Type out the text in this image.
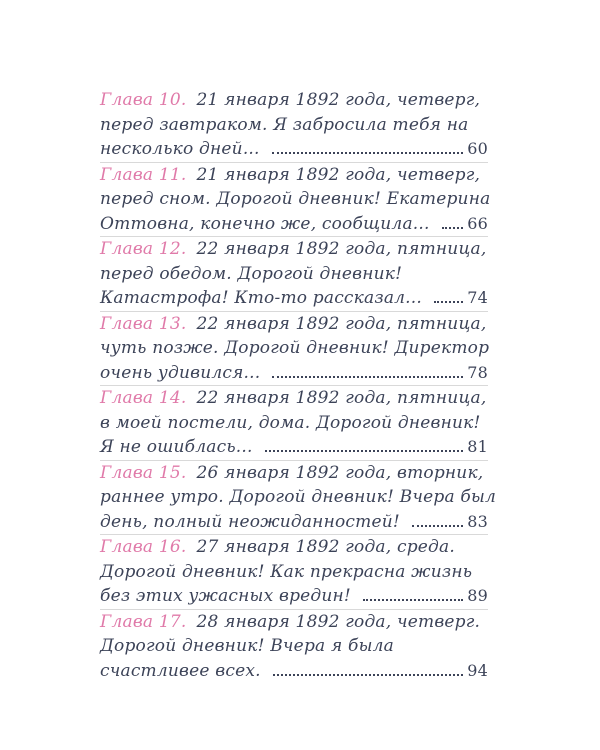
Глава 10. 21 января 1892 года, четверг,
перед завтраком. Я забросила тебя на
несколько дней...	60
Глава 11. 21 января 1892 года, четверг,
перед сном. Дорогой дневник! Екатерина
Оттовна, конечно же, сообщила... 66
Глава 12. 22 января 1892 года, пятница,
перед обедом. Дорогой дневник!
Катастрофа! Кто-то рассказал...	74
Глава 13. 22 января 1892 года, пятница,
чуть позже. Дорогой дневник! Директор
очень удивился...	78
Глава 14. 22 января 1892 года, пятница,
в моей постели, дома. Дорогой дневник!
Я не ошиблась...	81
Глава 15. 26 января 1892 года, вторник,
раннее утро. Дорогой дневник! Вчера был
день, полный неожиданностей!	83
Глава 16. 27 января 1892 года, среда.
Дорогой дневник! Как прекрасна жизнь
без этих ужасных вредин!	89
Глава 17. 28 января 1892 года, четверг.
Дорогой дневник! Вчера я была
счастливее всех.	94
